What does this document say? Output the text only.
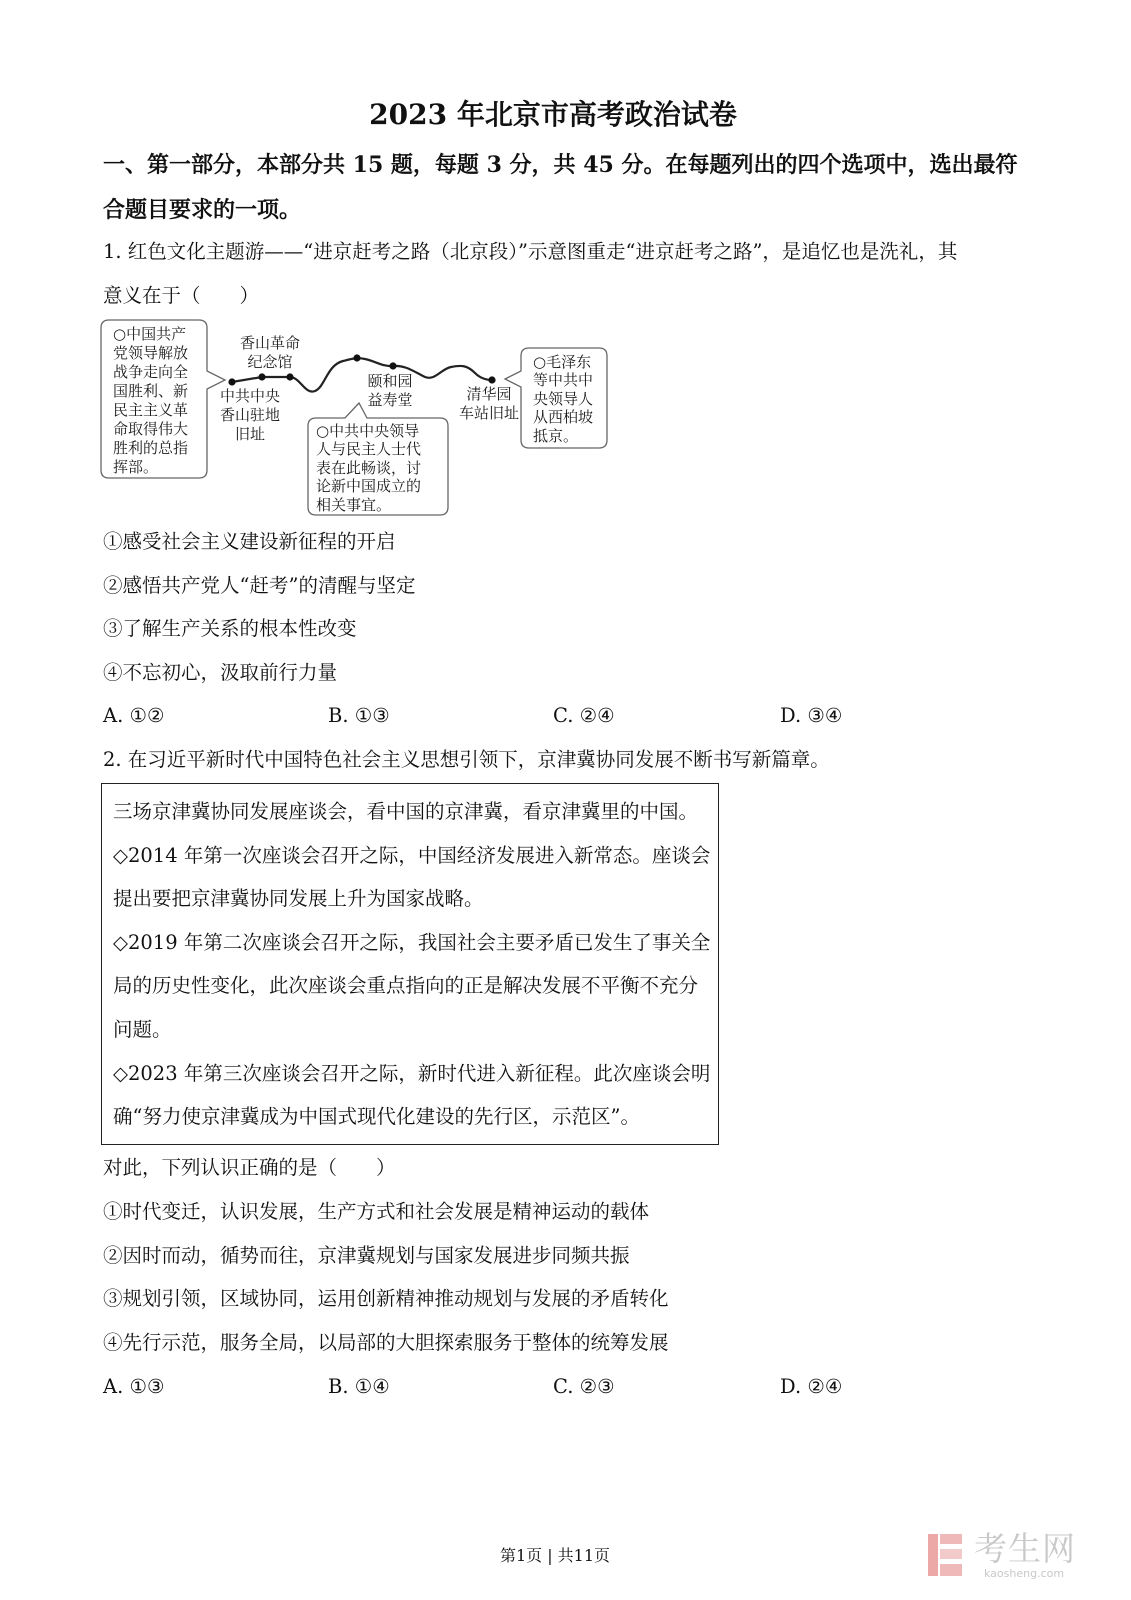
2023 年北京市高考政治试卷
一、第一部分，本部分共 15 题，每题 3 分，共 45 分。在每题列出的四个选项中，选出最符
合题目要求的一项。
1. 红色文化主题游——“进京赶考之路（北京段）”示意图重走“进京赶考之路”，是追忆也是洗礼，其
意义在于（　　）
○中国共产
党领导解放
战争走向全
国胜利、新
民主主义革
命取得伟大
胜利的总指
挥部。
○中共中央领导
人与民主人士代
表在此畅谈，讨
论新中国成立的
相关事宜。
○毛泽东
等中共中
央领导人
从西柏坡
抵京。
香山革命
纪念馆
中共中央
香山驻地
旧址
颐和园
益寿堂	清华园
车站旧址
①感受社会主义建设新征程的开启
②感悟共产党人“赶考”的清醒与坚定
③了解生产关系的根本性改变
④不忘初心，汲取前行力量
A. ①②	B. ①③	C. ②④	D. ③④
2. 在习近平新时代中国特色社会主义思想引领下，京津冀协同发展不断书写新篇章。
三场京津冀协同发展座谈会，看中国的京津冀，看京津冀里的中国。
◇2014 年第一次座谈会召开之际，中国经济发展进入新常态。座谈会
提出要把京津冀协同发展上升为国家战略。
◇2019 年第二次座谈会召开之际，我国社会主要矛盾已发生了事关全
局的历史性变化，此次座谈会重点指向的正是解决发展不平衡不充分
问题。
◇2023 年第三次座谈会召开之际，新时代进入新征程。此次座谈会明
确“努力使京津冀成为中国式现代化建设的先行区，示范区”。
对此，下列认识正确的是（　　）
①时代变迁，认识发展，生产方式和社会发展是精神运动的载体
②因时而动，循势而往，京津冀规划与国家发展进步同频共振
③规划引领，区域协同，运用创新精神推动规划与发展的矛盾转化
④先行示范，服务全局，以局部的大胆探索服务于整体的统筹发展
A. ①③	B. ①④	C. ②③	D. ②④
考生网
kaosheng.com
第1页 | 共11页
